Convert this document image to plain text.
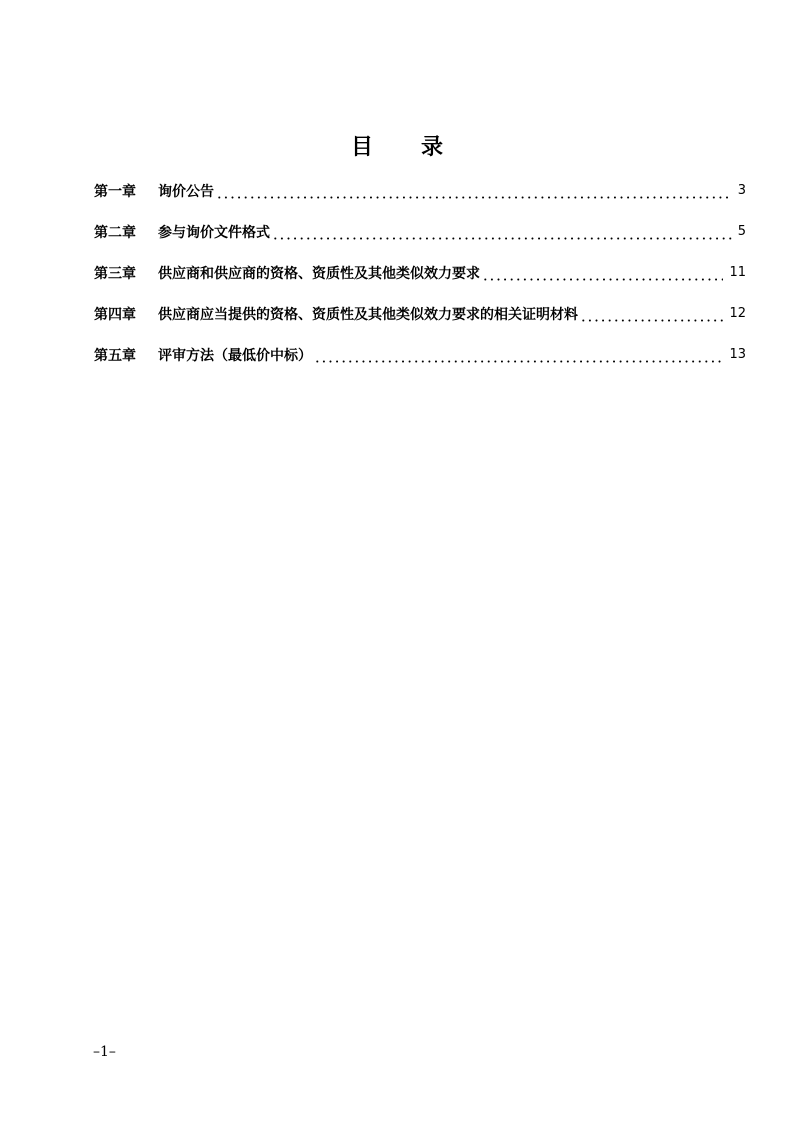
目 录
第一章	询价公告	3
第二章	参与询价文件格式	5
第三章	供应商和供应商的资格、资质性及其他类似效力要求	11
第四章	供应商应当提供的资格、资质性及其他类似效力要求的相关证明材料	12
第五章	评审方法（最低价中标）	13
–1–
